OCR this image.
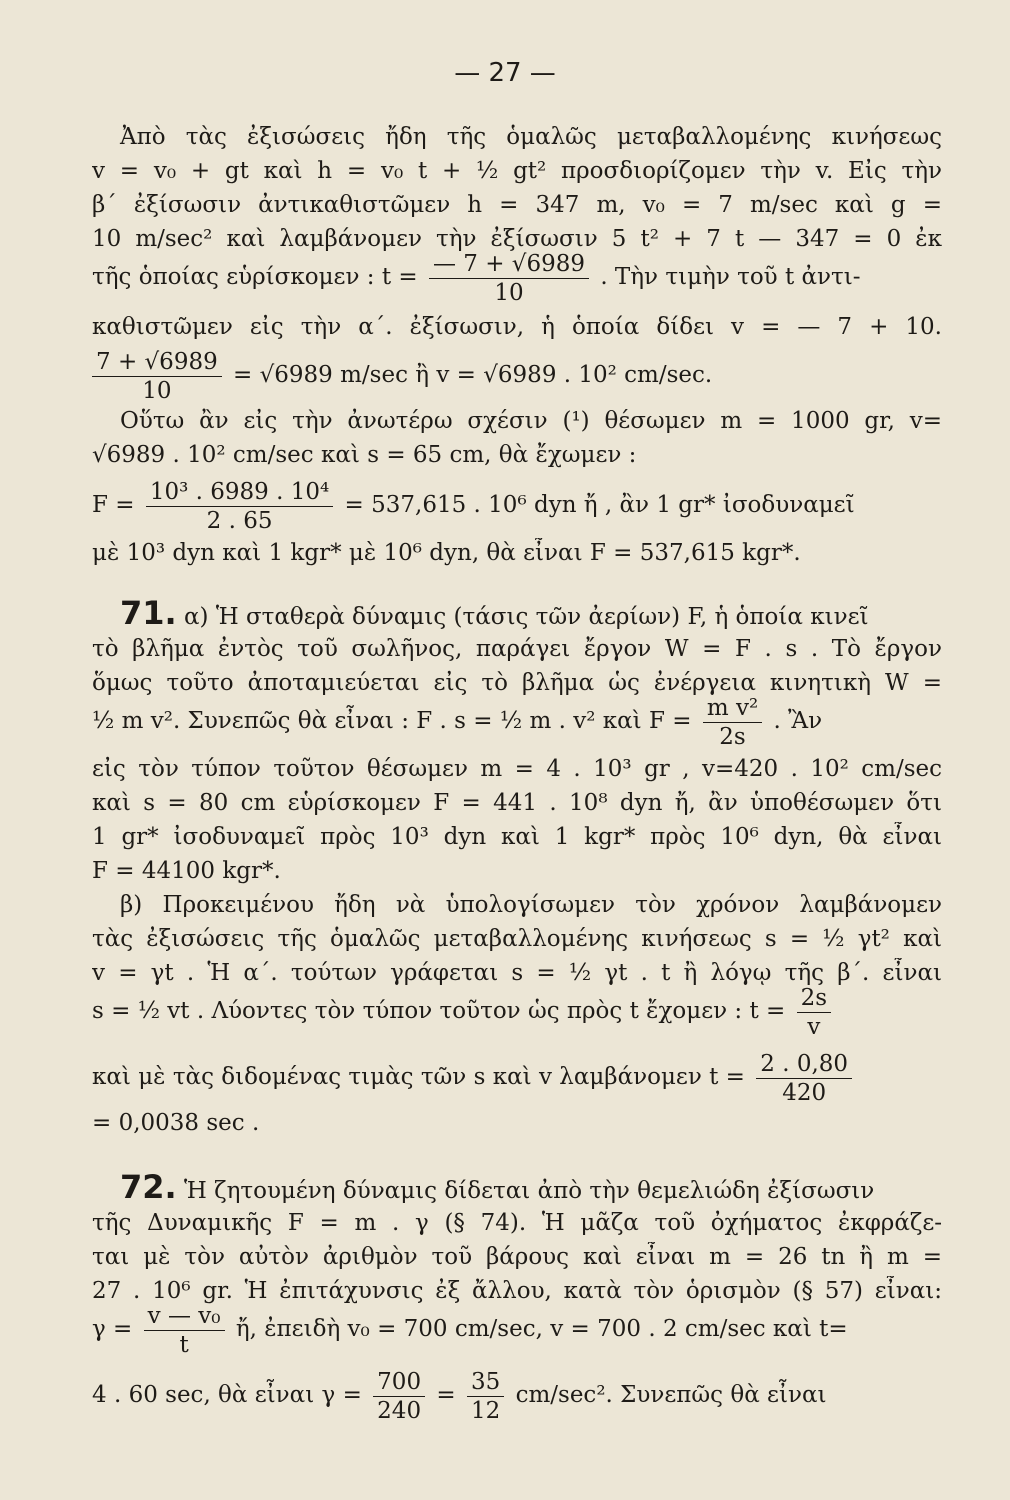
— 27 —
Ἀπὸ τὰς ἐξισώσεις ἤδη τῆς ὁμαλῶς μεταβαλλομένης κινήσεως
v = v₀ + gt καὶ h = v₀ t + ½ gt² προσδιορίζομεν τὴν v. Εἰς τὴν
β΄ ἐξίσωσιν ἀντικαθιστῶμεν h = 347 m, v₀ = 7 m/sec καὶ g =
10 m/sec² καὶ λαμβάνομεν τὴν ἐξίσωσιν 5 t² + 7 t — 347 = 0 ἐκ
τῆς ὁποίας εὑρίσκομεν : $t = \frac{— 7 + √6989}{10}$ . Τὴν τιμὴν τοῦ t ἀντι-
καθιστῶμεν εἰς τὴν α΄. ἐξίσωσιν, ἡ ὁποία δίδει v = — 7 + 10.
$\frac{7 + √6989}{10} = √6989$ m/sec ἢ v = √6989 . 10² cm/sec.
Οὕτω ἂν εἰς τὴν ἀνωτέρω σχέσιν (¹) θέσωμεν m = 1000 gr, v=
√6989 . 10² cm/sec καὶ s = 65 cm, θὰ ἔχωμεν :
$F = \frac{\text{10³ . 6989 . 10⁴}}{2 . 65} = 537,615$ . 10⁶ dyn ἤ , ἂν 1 gr* ἰσοδυναμεῖ
μὲ 10³ dyn καὶ 1 kgr* μὲ 10⁶ dyn, θὰ εἶναι F = 537,615 kgr*.
71. α) Ἡ σταθερὰ δύναμις (τάσις τῶν ἀερίων) F, ἡ ὁποία κινεῖ
τὸ βλῆμα ἐντὸς τοῦ σωλῆνος, παράγει ἔργον W = F . s . Τὸ ἔργον
ὅμως τοῦτο ἀποταμιεύεται εἰς τὸ βλῆμα ὡς ἐνέργεια κινητικὴ W =
½ m v². Συνεπῶς θὰ εἶναι : F . s = ½ m . v² καὶ $F = \frac{\text{m v²}}{2s}$ . Ἂν
εἰς τὸν τύπον τοῦτον θέσωμεν m = 4 . 10³ gr , v=420 . 10² cm/sec
καὶ s = 80 cm εὑρίσκομεν F = 441 . 10⁸ dyn ἤ, ἂν ὑποθέσωμεν ὅτι
1 gr* ἰσοδυναμεῖ πρὸς 10³ dyn καὶ 1 kgr* πρὸς 10⁶ dyn, θὰ εἶναι
F = 44100 kgr*.
β) Προκειμένου ἤδη νὰ ὑπολογίσωμεν τὸν χρόνον λαμβάνομεν
τὰς ἐξισώσεις τῆς ὁμαλῶς μεταβαλλομένης κινήσεως s = ½ γt² καὶ
v = γt . Ἡ α΄. τούτων γράφεται s = ½ γt . t ἢ λόγῳ τῆς β΄. εἶναι
s = ½ vt . Λύοντες τὸν τύπον τοῦτον ὡς πρὸς t ἔχομεν : $t = \frac{2s}{v}$
καὶ μὲ τὰς διδομένας τιμὰς τῶν s καὶ v λαμβάνομεν $t = \frac{2 . 0,80}{420}$
= 0,0038 sec .
72. Ἡ ζητουμένη δύναμις δίδεται ἀπὸ τὴν θεμελιώδη ἐξίσωσιν
τῆς Δυναμικῆς F = m . γ (§ 74). Ἡ μᾶζα τοῦ ὀχήματος ἐκφράζε-
ται μὲ τὸν αὐτὸν ἀριθμὸν τοῦ βάρους καὶ εἶναι m = 26 tn ἢ m =
27 . 10⁶ gr. Ἡ ἐπιτάχυνσις ἐξ ἄλλου, κατὰ τὸν ὁρισμὸν (§ 57) εἶναι:
$\gamma = \frac{\text{v — v₀}}{t}$ ἤ, ἐπειδὴ v₀ = 700 cm/sec, v = 700 . 2 cm/sec καὶ t=
4 . 60 sec, θὰ εἶναι $\gamma = \frac{700}{240} = \frac{35}{12} cm/\sec^2$. Συνεπῶς θὰ εἶναι
